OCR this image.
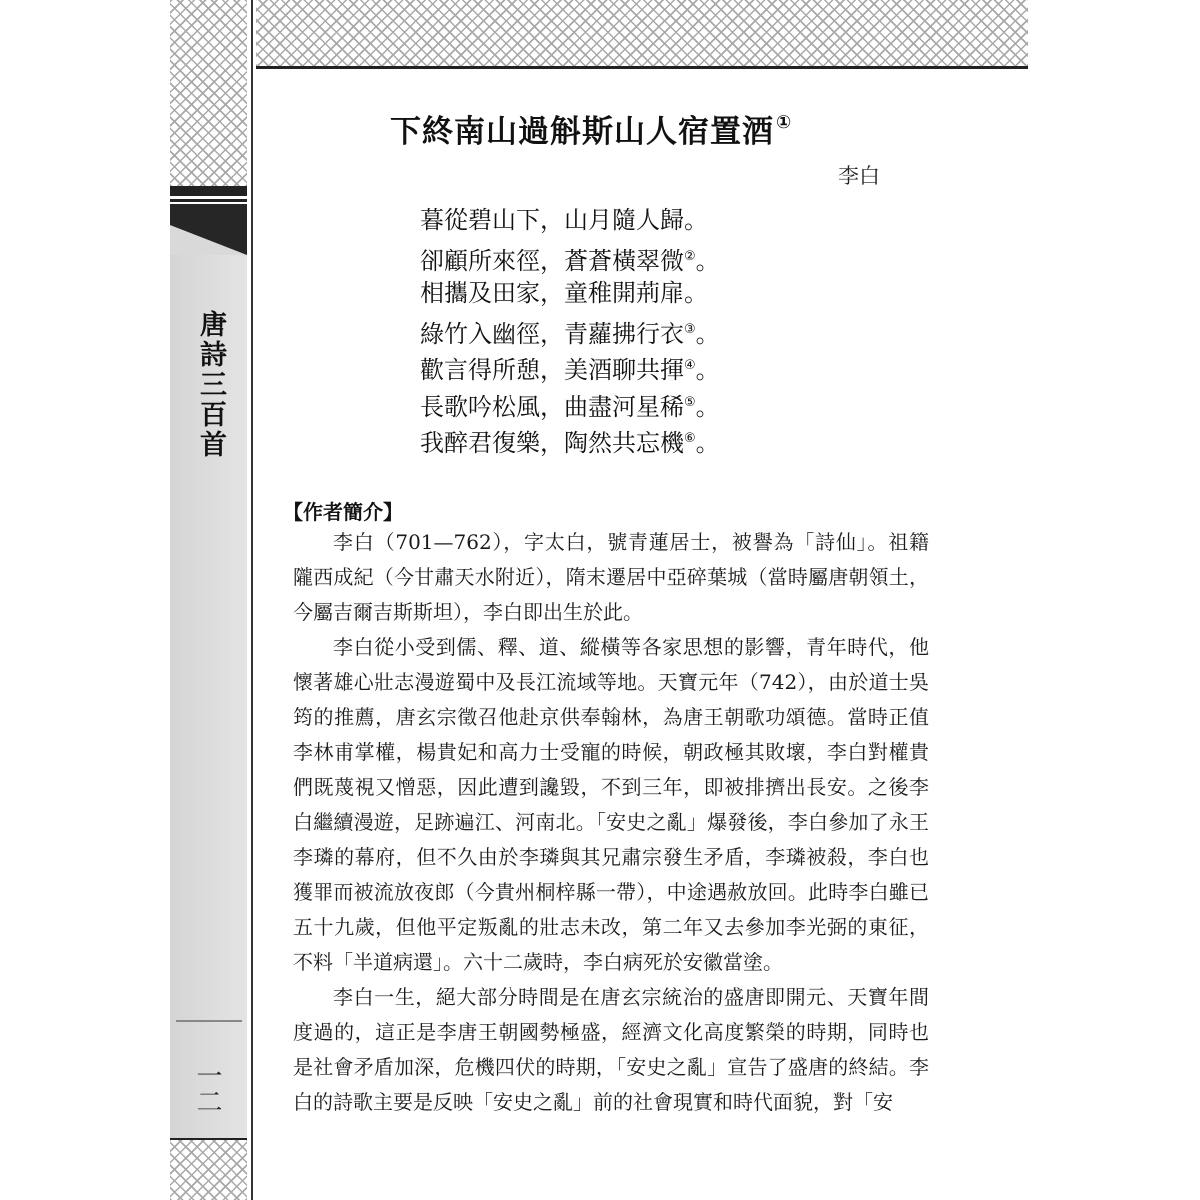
唐詩三百首
一二
下終南山過斛斯山人宿置酒 ①
李白
暮從碧山下，山月隨人歸。
卻顧所來徑，蒼蒼橫翠微②。
相攜及田家，童稚開荊扉。
綠竹入幽徑，青蘿拂行衣③。
歡言得所憩，美酒聊共揮④。
長歌吟松風，曲盡河星稀⑤。
我醉君復樂，陶然共忘機⑥。
【作者簡介】

李白（701—762），字太白，號青蓮居士，被譽為「詩仙」。祖籍隴西成紀（今甘肅天水附近），隋末遷居中亞碎葉城（當時屬唐朝領土，今屬吉爾吉斯斯坦），李白即出生於此。

李白從小受到儒、釋、道、縱橫等各家思想的影響，青年時代，他懷著雄心壯志漫遊蜀中及長江流域等地。天寶元年（742），由於道士吳筠的推薦，唐玄宗徵召他赴京供奉翰林，為唐王朝歌功頌德。當時正值李林甫掌權，楊貴妃和高力士受寵的時候，朝政極其敗壞，李白對權貴們既蔑視又憎惡，因此遭到讒毀，不到三年，即被排擠出長安。之後李白繼續漫遊，足跡遍江、河南北。「安史之亂」爆發後，李白參加了永王李璘的幕府，但不久由於李璘與其兄肅宗發生矛盾，李璘被殺，李白也獲罪而被流放夜郎（今貴州桐梓縣一帶），中途遇赦放回。此時李白雖已五十九歲，但他平定叛亂的壯志未改，第二年又去參加李光弼的東征，不料「半道病還」。六十二歲時，李白病死於安徽當塗。

李白一生，絕大部分時間是在唐玄宗統治的盛唐即開元、天寶年間度過的，這正是李唐王朝國勢極盛，經濟文化高度繁榮的時期，同時也是社會矛盾加深，危機四伏的時期，「安史之亂」宣告了盛唐的終結。李白的詩歌主要是反映「安史之亂」前的社會現實和時代面貌，對「安
